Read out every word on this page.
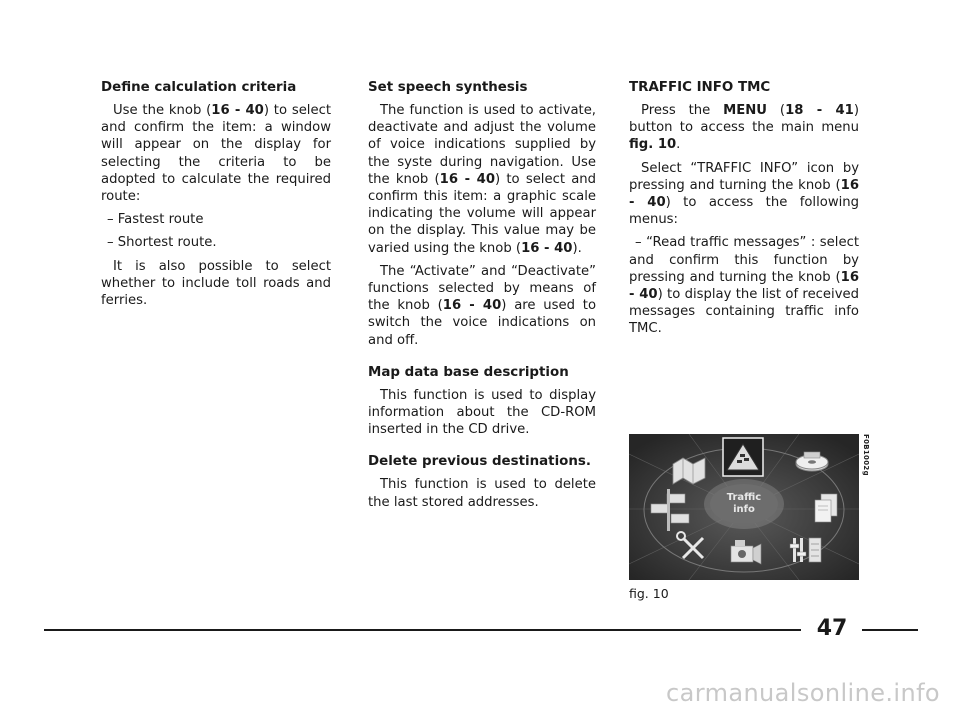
Define calculation criteria

Use the knob (16 - 40) to select and confirm the item: a window will appear on the display for selecting the criteria to be adopted to calculate the required route:

– Fastest route

– Shortest route.

It is also possible to select whether to include toll roads and ferries.

Set speech synthesis

The function is used to activate, deactivate and adjust the volume of voice indications supplied by the syste during navigation. Use the knob (16 - 40) to select and confirm this item: a graphic scale indicating the volume will appear on the display. This value may be varied using the knob (16 - 40).

The “Activate” and “Deactivate” functions selected by means of the knob (16 - 40) are used to switch the voice indications on and off.

Map data base description

This function is used to display information about the CD-ROM inserted in the CD drive.

Delete previous destinations.

This function is used to delete the last stored addresses.

TRAFFIC INFO TMC

Press the MENU (18 - 41) button to access the main menu fig. 10.

Select “TRAFFIC INFO” icon by pressing and turning the knob (16 - 40) to access the following menus:

– “Read traffic messages” : select and confirm this function by pressing and turning the knob (16 - 40) to display the list of received messages containing traffic info TMC.

Traffic
info
F0B1002g
fig. 10
47
carmanualsonline.info
